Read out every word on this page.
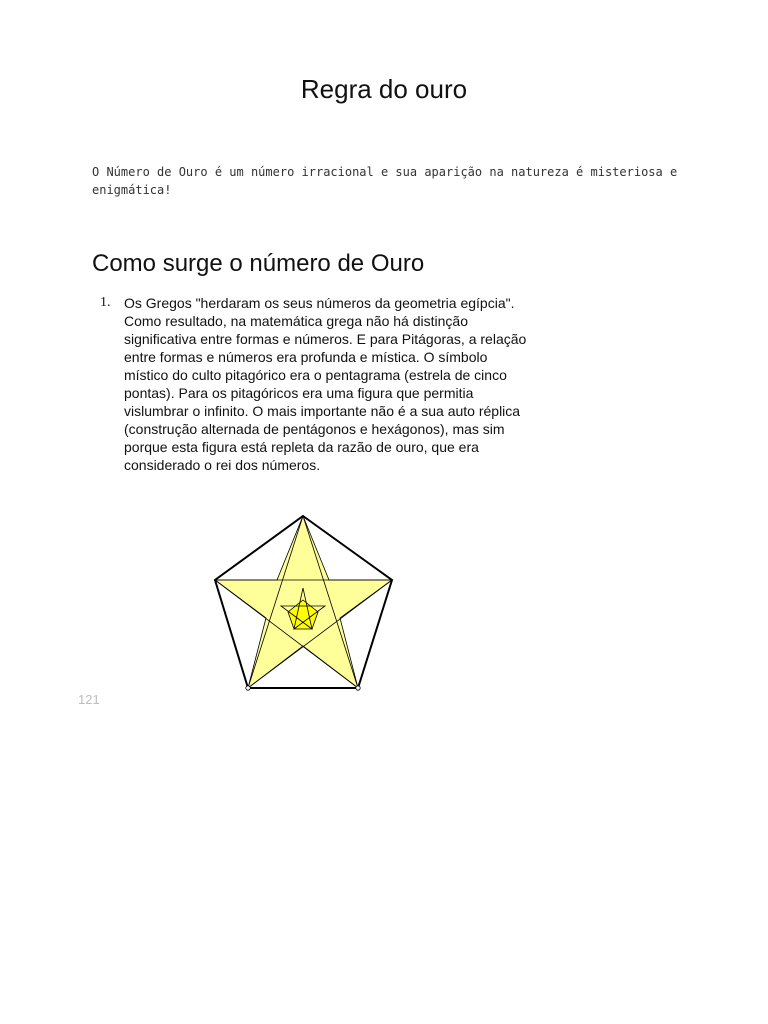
Regra do ouro
O Número de Ouro é um número irracional e sua aparição na natureza é misteriosa e enigmática!
Como surge o número de Ouro
1. Os Gregos "herdaram os seus números da geometria egípcia". Como resultado, na matemática grega não há distinção significativa entre formas e números. E para Pitágoras, a relação entre formas e números era profunda e mística. O símbolo místico do culto pitagórico era o pentagrama (estrela de cinco pontas). Para os pitagóricos era uma figura que permitia vislumbrar o infinito. O mais importante não é a sua auto réplica (construção alternada de pentágonos e hexágonos), mas sim porque esta figura está repleta da razão de ouro, que era considerado o rei dos números.
121
